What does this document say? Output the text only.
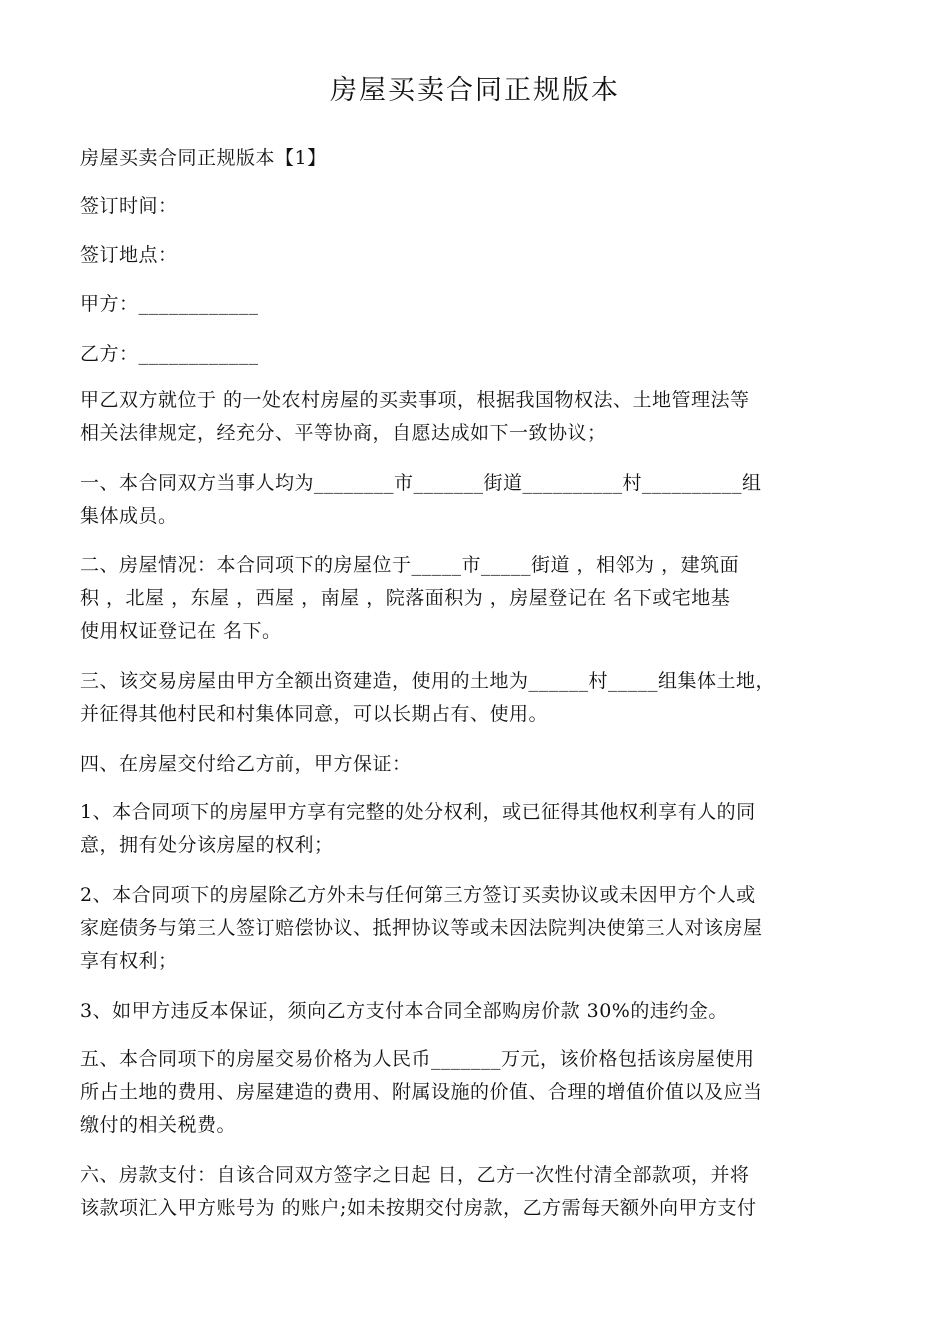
房屋买卖合同正规版本

房屋买卖合同正规版本【1】

签订时间：

签订地点：

甲方：____________

乙方：____________

甲乙双方就位于 的一处农村房屋的买卖事项，根据我国物权法、土地管理法等
相关法律规定，经充分、平等协商，自愿达成如下一致协议；

一、本合同双方当事人均为________市_______街道__________村__________组
集体成员。

二、房屋情况：本合同项下的房屋位于_____市_____街道 ，相邻为 ，建筑面
积 ，北屋 ，东屋 ，西屋 ，南屋 ，院落面积为 ，房屋登记在 名下或宅地基
使用权证登记在 名下。

三、该交易房屋由甲方全额出资建造，使用的土地为______村_____组集体土地，
并征得其他村民和村集体同意，可以长期占有、使用。

四、在房屋交付给乙方前，甲方保证：

1、本合同项下的房屋甲方享有完整的处分权利，或已征得其他权利享有人的同
意，拥有处分该房屋的权利；

2、本合同项下的房屋除乙方外未与任何第三方签订买卖协议或未因甲方个人或
家庭债务与第三人签订赔偿协议、抵押协议等或未因法院判决使第三人对该房屋
享有权利；

3、如甲方违反本保证，须向乙方支付本合同全部购房价款 30%的违约金。

五、本合同项下的房屋交易价格为人民币_______万元，该价格包括该房屋使用
所占土地的费用、房屋建造的费用、附属设施的价值、合理的增值价值以及应当
缴付的相关税费。

六、房款支付：自该合同双方签字之日起 日，乙方一次性付清全部款项，并将
该款项汇入甲方账号为 的账户;如未按期交付房款，乙方需每天额外向甲方支付
